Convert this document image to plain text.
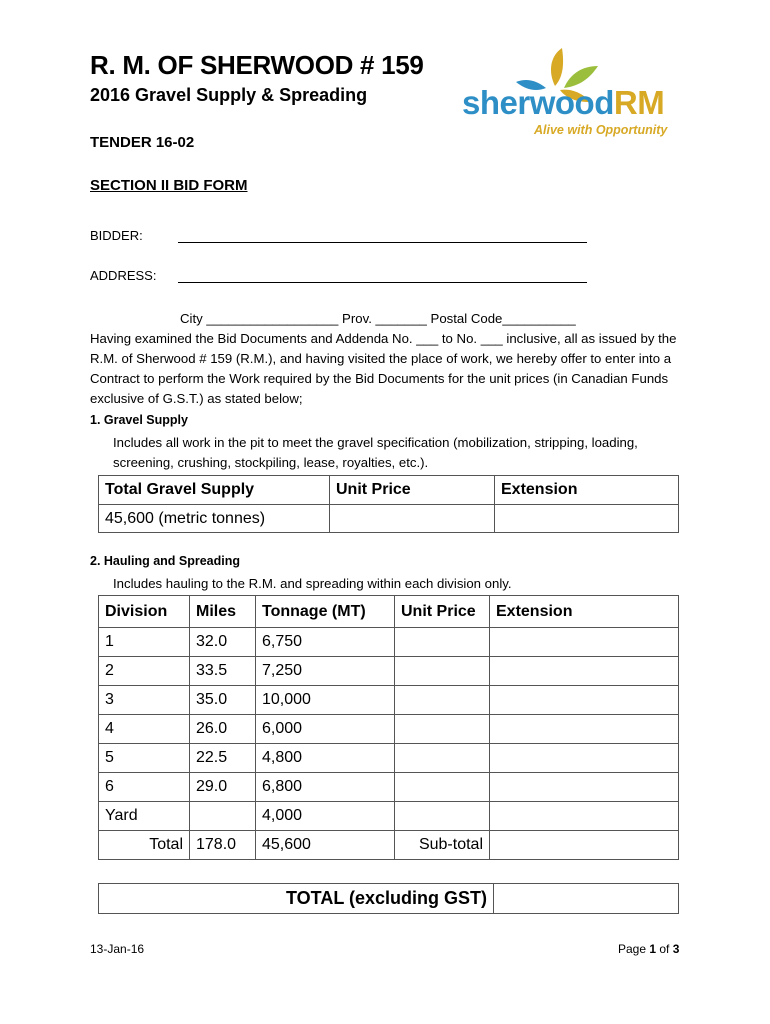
R. M. OF SHERWOOD # 159
2016 Gravel Supply & Spreading
TENDER 16-02
SECTION II BID FORM
sherwoodRM
Alive with Opportunity
BIDDER:
ADDRESS:
City __________________ Prov. _______ Postal Code__________
Having examined the Bid Documents and Addenda No. ___ to No. ___ inclusive, all as issued by the R.M. of Sherwood # 159 (R.M.), and having visited the place of work, we hereby offer to enter into a Contract to perform the Work required by the Bid Documents for the unit prices (in Canadian Funds exclusive of G.S.T.) as stated below;
1. Gravel Supply
Includes all work in the pit to meet the gravel specification (mobilization, stripping, loading, screening, crushing, stockpiling, lease, royalties, etc.).
Total Gravel Supply	Unit Price	Extension
45,600 (metric tonnes)		
2. Hauling and Spreading
Includes hauling to the R.M. and spreading within each division only.
Division	Miles	Tonnage (MT)	Unit Price	Extension
1	32.0	6,750		
2	33.5	7,250		
3	35.0	10,000		
4	26.0	6,000		
5	22.5	4,800		
6	29.0	6,800		
Yard		4,000		
Total	178.0	45,600	Sub-total	
TOTAL (excluding GST)	
13-Jan-16	Page 1 of 3
